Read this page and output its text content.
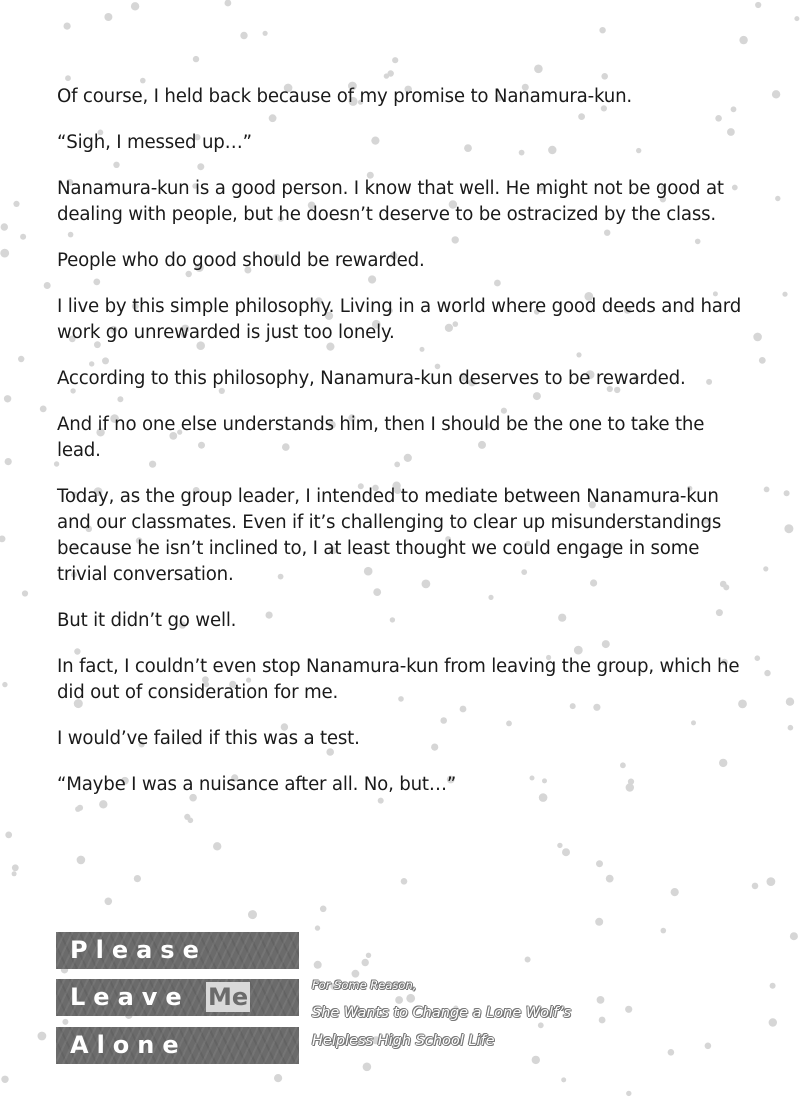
Of course, I held back because of my promise to Nanamura-kun.

“Sigh, I messed up…”

Nanamura-kun is a good person. I know that well. He might not be good at dealing with people, but he doesn’t deserve to be ostracized by the class.

People who do good should be rewarded.

I live by this simple philosophy. Living in a world where good deeds and hard work go unrewarded is just too lonely.

According to this philosophy, Nanamura-kun deserves to be rewarded.

And if no one else understands him, then I should be the one to take the lead.

Today, as the group leader, I intended to mediate between Nanamura-kun and our classmates. Even if it’s challenging to clear up misunderstandings because he isn’t inclined to, I at least thought we could engage in some trivial conversation.

But it didn’t go well.

In fact, I couldn’t even stop Nanamura-kun from leaving the group, which he did out of consideration for me.

I would’ve failed if this was a test.

“Maybe I was a nuisance after all. No, but…”

Please
Leave Me
Alone
For Some Reason,
She Wants to Change a Lone Wolf’s
Helpless High School Life
